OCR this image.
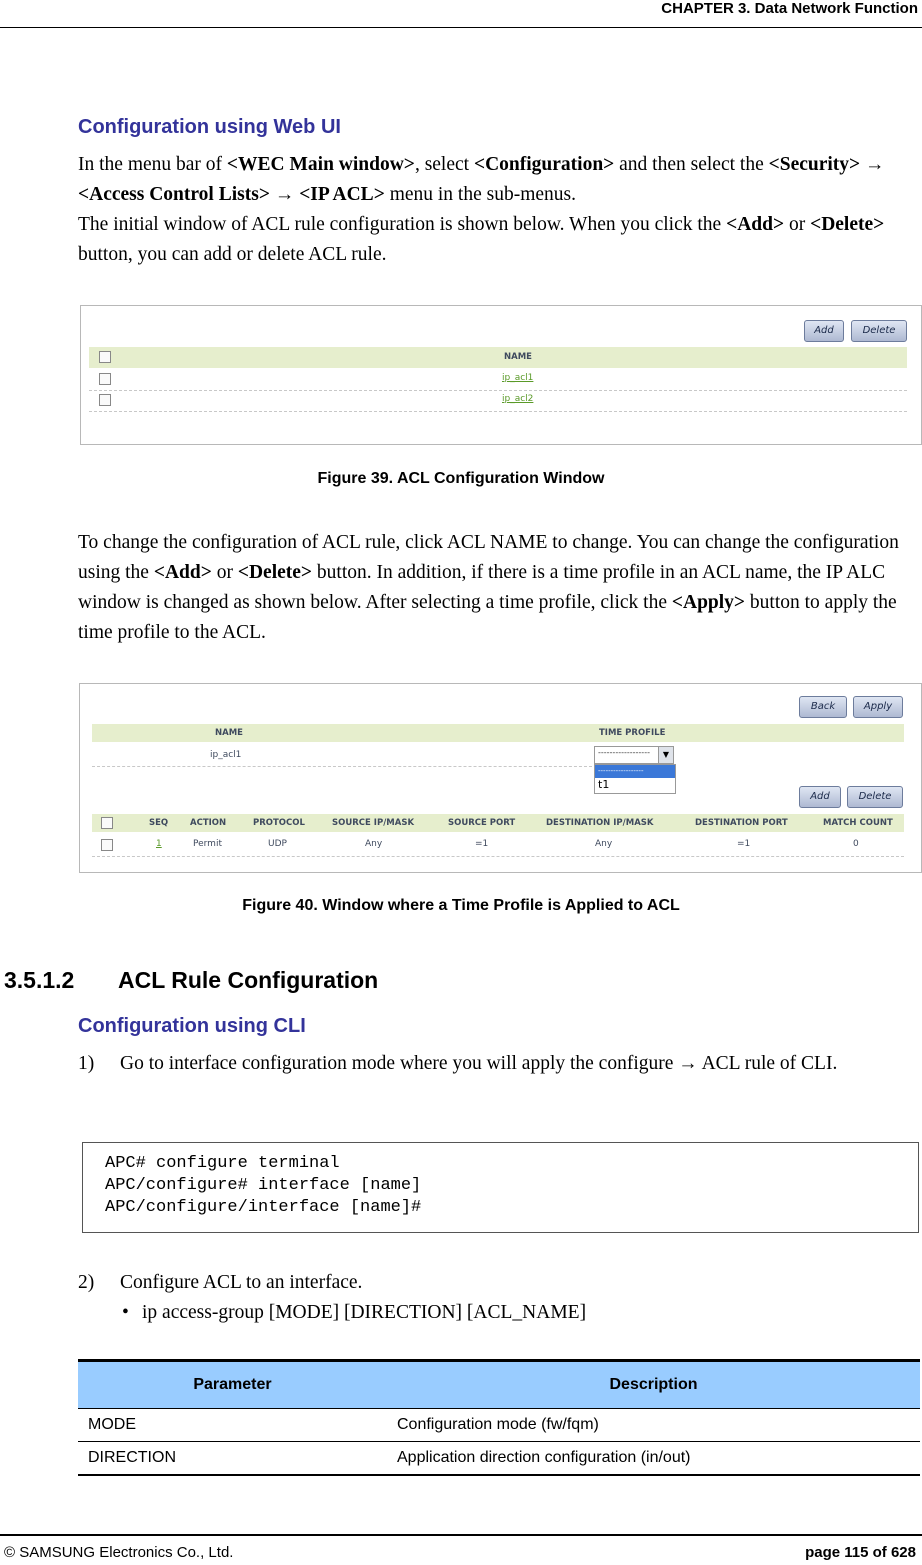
CHAPTER 3. Data Network Function
Configuration using Web UI
In the menu bar of <WEC Main window>, select <Configuration> and then select the <Security> → <Access Control Lists> → <IP ACL> menu in the sub-menus.
The initial window of ACL rule configuration is shown below. When you click the <Add> or <Delete> button, you can add or delete ACL rule.
Add	Delete
NAME
ip_acl1
ip_acl2
Figure 39. ACL Configuration Window
To change the configuration of ACL rule, click ACL NAME to change. You can change the configuration using the <Add> or <Delete> button. In addition, if there is a time profile in an ACL name, the IP ALC window is changed as shown below. After selecting a time profile, click the <Apply> button to apply the time profile to the ACL.
Back	Apply
NAME	TIME PROFILE
ip_acl1	------------------	▼
------------------
t1
Add	Delete
SEQ	ACTION	PROTOCOL	SOURCE IP/MASK	SOURCE PORT	DESTINATION IP/MASK	DESTINATION PORT	MATCH COUNT
1	Permit	UDP	Any	=1	Any	=1	0
Figure 40. Window where a Time Profile is Applied to ACL
3.5.1.2 ACL Rule Configuration
Configuration using CLI
1) Go to interface configuration mode where you will apply the configure → ACL rule of CLI.
APC# configure terminal
APC/configure# interface [name]
APC/configure/interface [name]#
2) Configure ACL to an interface.
• ip access-group [MODE] [DIRECTION] [ACL_NAME]
Parameter	Description
MODE	Configuration mode (fw/fqm)
DIRECTION	Application direction configuration (in/out)
© SAMSUNG Electronics Co., Ltd.	page 115 of 628
